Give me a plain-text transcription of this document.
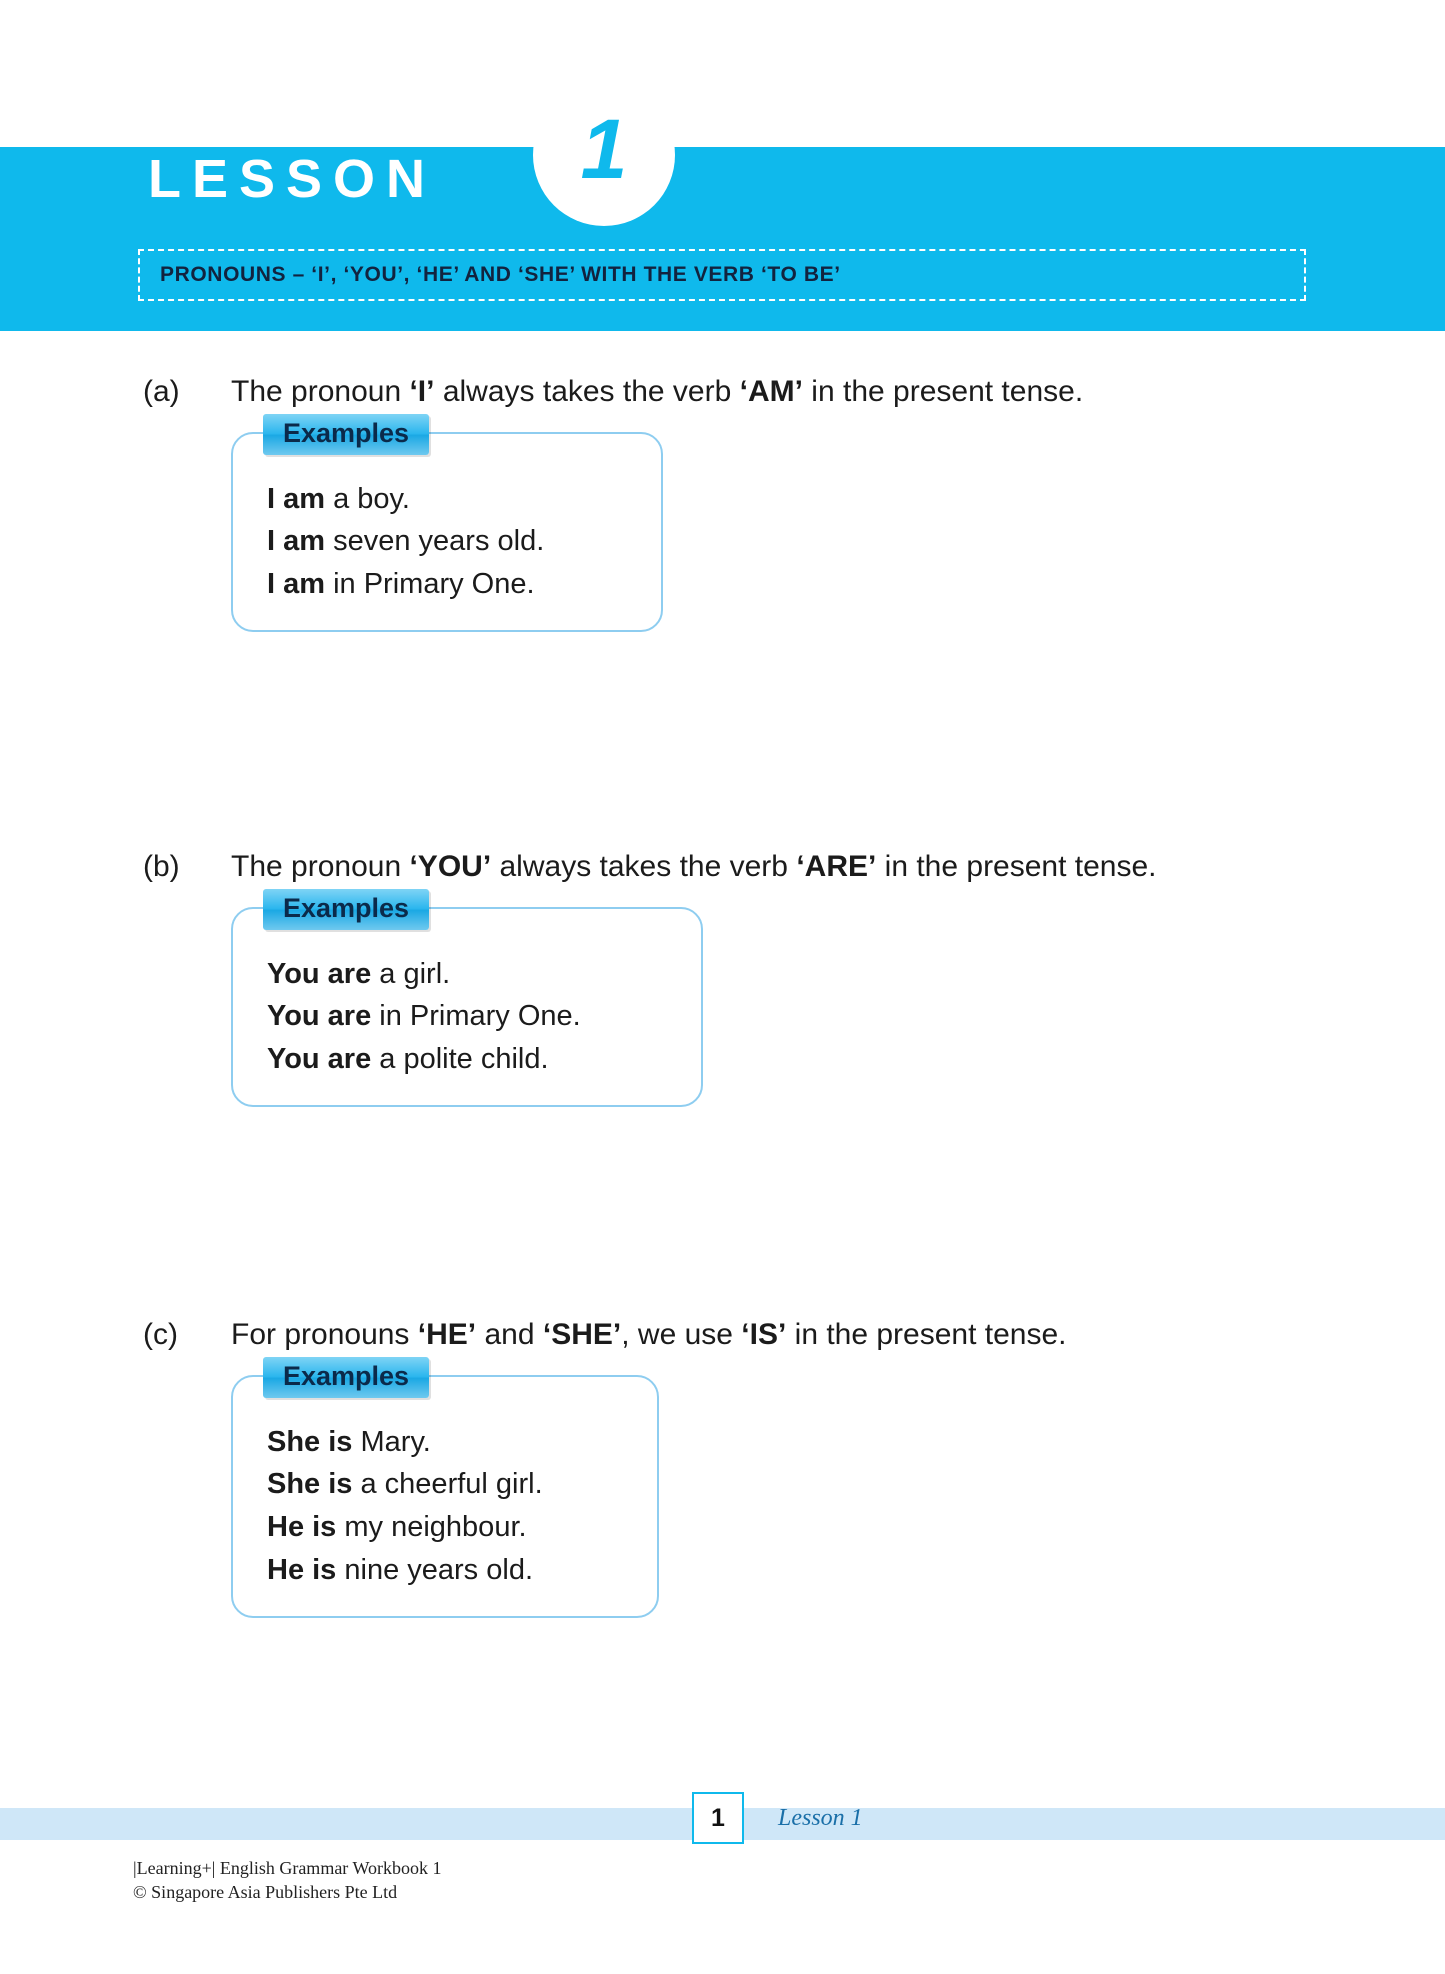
LESSON	1
PRONOUNS – ‘I’, ‘YOU’, ‘HE’ AND ‘SHE’ WITH THE VERB ‘TO BE’
(a)	The pronoun ‘I’ always takes the verb ‘AM’ in the present tense.
Examples
I am a boy.
I am seven years old.
I am in Primary One.
(b)	The pronoun ‘YOU’ always takes the verb ‘ARE’ in the present tense.
Examples
You are a girl.
You are in Primary One.
You are a polite child.
(c)	For pronouns ‘HE’ and ‘SHE’, we use ‘IS’ in the present tense.
Examples
She is Mary.
She is a cheerful girl.
He is my neighbour.
He is nine years old.
1	Lesson 1
|Learning+| English Grammar Workbook 1
© Singapore Asia Publishers Pte Ltd
